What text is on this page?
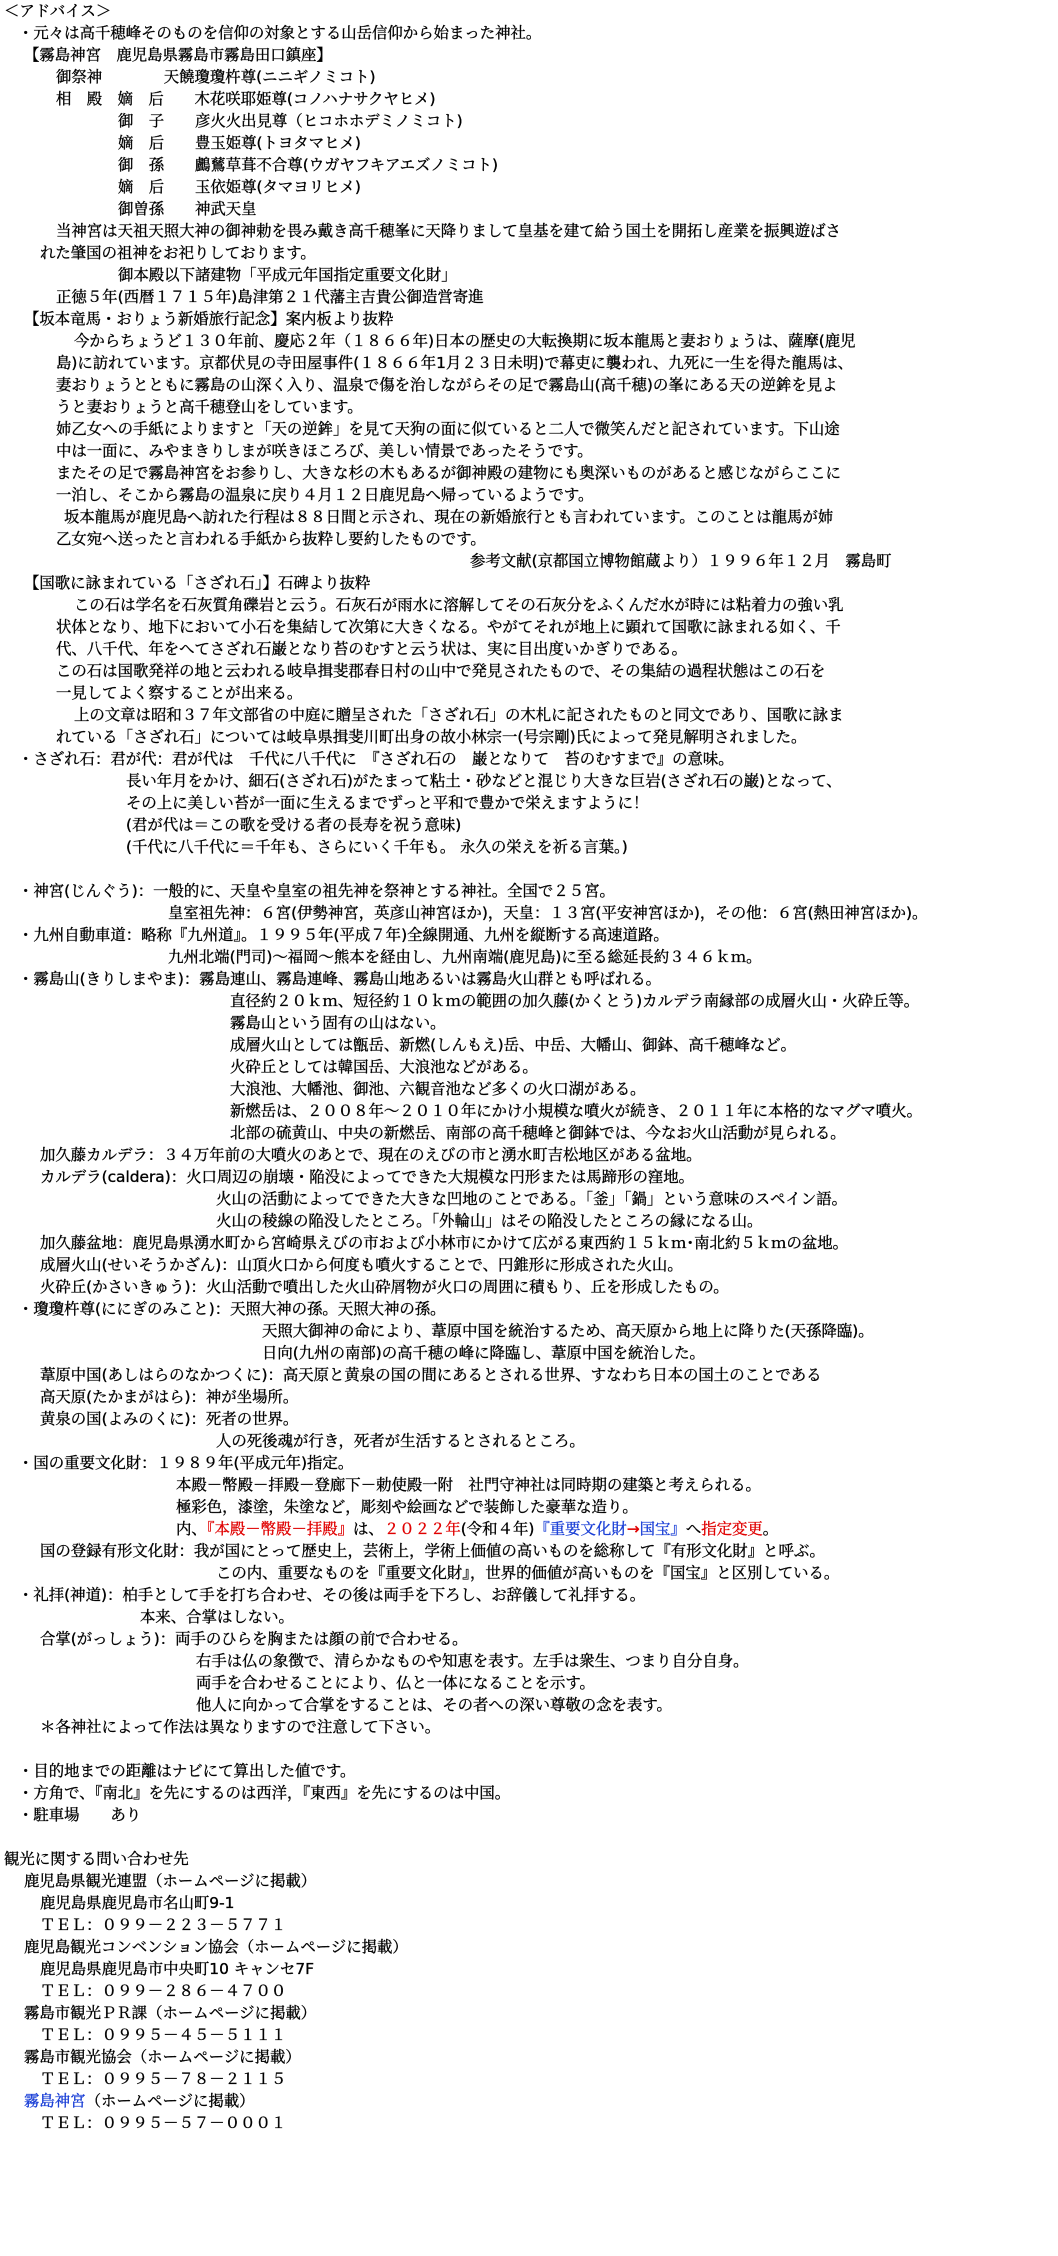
＜アドバイス＞
・元々は高千穂峰そのものを信仰の対象とする山岳信仰から始まった神社。
【霧島神宮　鹿児島県霧島市霧島田口鎮座】
御祭神　　　　天饒瓊瓊杵尊(ニニギノミコト)
相　殿　嫡　后　　木花咲耶姫尊(コノハナサクヤヒメ)
御　子　　彦火火出見尊（ヒコホホデミノミコト)
嫡　后　　豊玉姫尊(トヨタマヒメ)
御　孫　　鸕鶿草葺不合尊(ウガヤフキアエズノミコト)
嫡　后　　玉依姫尊(タマヨリヒメ)
御曽孫　　神武天皇
当神宮は天祖天照大神の御神勅を畏み戴き高千穂峯に天降りまして皇基を建て給う国土を開拓し産業を振興遊ばさ
れた肇国の祖神をお祀りしております。
御本殿以下諸建物「平成元年国指定重要文化財」
正徳５年(西暦１７１５年)島津第２１代藩主吉貴公御造営寄進
【坂本竜馬・おりょう新婚旅行記念】案内板より抜粋
今からちょうど１３０年前、慶応２年（１８６６年)日本の歴史の大転換期に坂本龍馬と妻おりょうは、薩摩(鹿児
島)に訪れています。京都伏見の寺田屋事件(１８６６年1月２３日未明)で幕吏に襲われ、九死に一生を得た龍馬は、
妻おりょうとともに霧島の山深く入り、温泉で傷を治しながらその足で霧島山(高千穂)の峯にある天の逆鉾を見よ
うと妻おりょうと高千穂登山をしています。
姉乙女への手紙によりますと「天の逆鉾」を見て天狗の面に似ていると二人で微笑んだと記されています。下山途
中は一面に、みやまきりしまが咲きほころび、美しい情景であったそうです。
またその足で霧島神宮をお参りし、大きな杉の木もあるが御神殿の建物にも奥深いものがあると感じながらここに
一泊し、そこから霧島の温泉に戻り４月１２日鹿児島へ帰っているようです。
坂本龍馬が鹿児島へ訪れた行程は８８日間と示され、現在の新婚旅行とも言われています。このことは龍馬が姉
乙女宛へ送ったと言われる手紙から抜粋し要約したものです。
参考文献(京都国立博物館蔵より）１９９６年１２月　霧島町
【国歌に詠まれている「さざれ石」】石碑より抜粋
この石は学名を石灰質角礫岩と云う。石灰石が雨水に溶解してその石灰分をふくんだ水が時には粘着力の強い乳
状体となり、地下において小石を集結して次第に大きくなる。やがてそれが地上に顕れて国歌に詠まれる如く、千
代、八千代、年をへてさざれ石巌となり苔のむすと云う状は、実に目出度いかぎりである。
この石は国歌発祥の地と云われる岐阜揖斐郡春日村の山中で発見されたもので、その集結の過程状態はこの石を
一見してよく察することが出来る。
上の文章は昭和３７年文部省の中庭に贈呈された「さざれ石」の木札に記されたものと同文であり、国歌に詠ま
れている「さざれ石」については岐阜県揖斐川町出身の故小林宗一(号宗剛)氏によって発見解明されました。
・さざれ石：君が代：君が代は　千代に八千代に　『さざれ石の　巌となりて　苔のむすまで』の意味。
長い年月をかけ、細石(さざれ石)がたまって粘土・砂などと混じり大きな巨岩(さざれ石の巌)となって、
その上に美しい苔が一面に生えるまでずっと平和で豊かで栄えますように！
(君が代は＝この歌を受ける者の長寿を祝う意味)
(千代に八千代に＝千年も、さらにいく千年も。 永久の栄えを祈る言葉。)
・神宮(じんぐう)：一般的に、天皇や皇室の祖先神を祭神とする神社。全国で２５宮。
皇室祖先神：６宮(伊勢神宮，英彦山神宮ほか)，天皇：１３宮(平安神宮ほか)，その他：６宮(熱田神宮ほか)。
・九州自動車道：略称『九州道』。１９９５年(平成７年)全線開通、九州を縦断する高速道路。
九州北端(門司)～福岡～熊本を経由し、九州南端(鹿児島)に至る総延長約３４６ｋｍ。
・霧島山(きりしまやま)：霧島連山、霧島連峰、霧島山地あるいは霧島火山群とも呼ばれる。
直径約２０ｋｍ、短径約１０ｋｍの範囲の加久藤(かくとう)カルデラ南縁部の成層火山・火砕丘等。
霧島山という固有の山はない。
成層火山としては甑岳、新燃(しんもえ)岳、中岳、大幡山、御鉢、高千穂峰など。
火砕丘としては韓国岳、大浪池などがある。
大浪池、大幡池、御池、六観音池など多くの火口湖がある。
新燃岳は、２００８年～２０１０年にかけ小規模な噴火が続き、２０１１年に本格的なマグマ噴火。
北部の硫黄山、中央の新燃岳、南部の高千穂峰と御鉢では、今なお火山活動が見られる。
加久藤カルデラ：３４万年前の大噴火のあとで、現在のえびの市と湧水町吉松地区がある盆地。
カルデラ(caldera)：火口周辺の崩壊・陥没によってできた大規模な円形または馬蹄形の窪地。
火山の活動によってできた大きな凹地のことである。「釜」「鍋」という意味のスペイン語。
火山の稜線の陥没したところ。「外輪山」はその陥没したところの縁になる山。
加久藤盆地：鹿児島県湧水町から宮崎県えびの市および小林市にかけて広がる東西約１５ｋｍ･南北約５ｋｍの盆地。
成層火山(せいそうかざん)：山頂火口から何度も噴火することで、円錐形に形成された火山。
火砕丘(かさいきゅう)：火山活動で噴出した火山砕屑物が火口の周囲に積もり、丘を形成したもの。
・瓊瓊杵尊(ににぎのみこと)：天照大神の孫。天照大神の孫。
天照大御神の命により、葦原中国を統治するため、高天原から地上に降りた(天孫降臨)。
日向(九州の南部)の高千穂の峰に降臨し、葦原中国を統治した。
葦原中国(あしはらのなかつくに)：高天原と黄泉の国の間にあるとされる世界、すなわち日本の国土のことである
高天原(たかまがはら)：神が坐場所。
黄泉の国(よみのくに)：死者の世界。
人の死後魂が行き，死者が生活するとされるところ。
・国の重要文化財：１９８９年(平成元年)指定。
本殿－幣殿－拝殿－登廊下－勅使殿一附　社門守神社は同時期の建築と考えられる。
極彩色，漆塗，朱塗など，彫刻や絵画などで装飾した豪華な造り。
内、『本殿－幣殿－拝殿』は、２０２２年(令和４年)『重要文化財→国宝』へ指定変更。
国の登録有形文化財：我が国にとって歴史上，芸術上，学術上価値の高いものを総称して『有形文化財』と呼ぶ。
この内、重要なものを『重要文化財』，世界的価値が高いものを『国宝』と区別している。
・礼拝(神道)：柏手として手を打ち合わせ、その後は両手を下ろし、お辞儀して礼拝する。
本来、合掌はしない。
合掌(がっしょう)：両手のひらを胸または顔の前で合わせる。
右手は仏の象徴で、清らかなものや知恵を表す。左手は衆生、つまり自分自身。
両手を合わせることにより、仏と一体になることを示す。
他人に向かって合掌をすることは、その者への深い尊敬の念を表す。
＊各神社によって作法は異なりますので注意して下さい。
・目的地までの距離はナビにて算出した値です。
・方角で、『南北』を先にするのは西洋，『東西』を先にするのは中国。
・駐車場　　あり
観光に関する問い合わせ先
鹿児島県観光連盟（ホームページに掲載）
鹿児島県鹿児島市名山町9-1
ＴＥＬ：０９９－２２３－５７７１
鹿児島観光コンベンション協会（ホームページに掲載）
鹿児島県鹿児島市中央町10 キャンセ7F
ＴＥＬ：０９９－２８６－４７００
霧島市観光ＰＲ課（ホームページに掲載）
ＴＥＬ：０９９５－４５－５１１１
霧島市観光協会（ホームページに掲載）
ＴＥＬ：０９９５－７８－２１１５
霧島神宮（ホームページに掲載）
ＴＥＬ：０９９５－５７－０００１
